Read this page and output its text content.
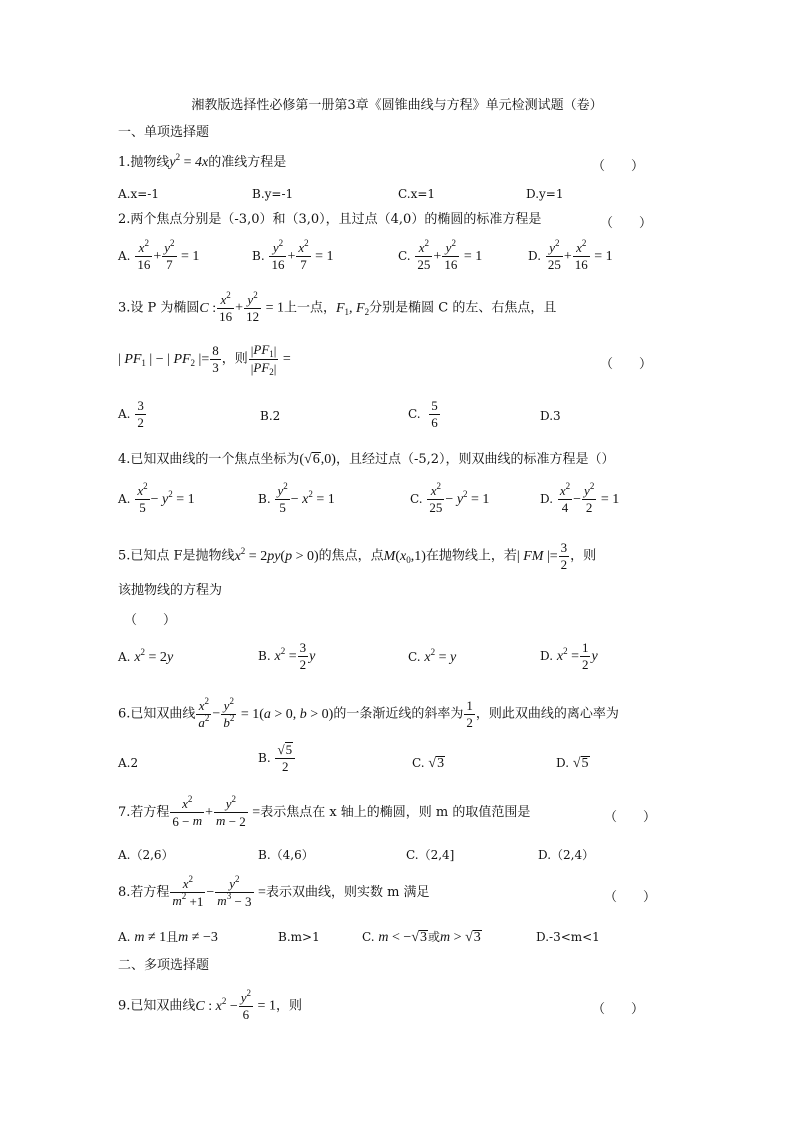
湘教版选择性必修第一册第3章《圆锥曲线与方程》单元检测试题（卷）
一、单项选择题
1.抛物线$y^2 = 4x$的准线方程是	（　　）
A.x=-1	B.y=-1	C.x=1	D.y=1
2.两个焦点分别是（-3,0）和（3,0），且过点（4,0）的椭圆的标准方程是	（　　）
A. $\frac{x^2}{16} + \frac{y^2}{7} = 1$	B. $\frac{y^2}{16} + \frac{x^2}{7} = 1$	C. $\frac{x^2}{25} + \frac{y^2}{16} = 1$	D. $\frac{y^2}{25} + \frac{x^2}{16} = 1$
3.设 P 为椭圆C : $\frac{x^2}{16} + \frac{y^2}{12} = 1$上一点，$F_1$, $F_2$分别是椭圆 C 的左、右焦点，且
| $PF_1$ | − | $PF_2$ |= $\frac{8}{3}$ ，则 $\frac{|PF_1|}{|PF_2|}$ =	（　　）
A. $\frac{3}{2}$	B.2	C. $\frac{5}{6}$	D.3
4.已知双曲线的一个焦点坐标为(√6,0)，且经过点（-5,2），则双曲线的标准方程是（）
A. $\frac{x^2}{5} - y^2 = 1$	B. $\frac{y^2}{5} - x^2 = 1$	C. $\frac{x^2}{25} - y^2 = 1$	D. $\frac{x^2}{4} - \frac{y^2}{2} = 1$
5.已知点 F是抛物线$x^2 = 2py(p > 0)$的焦点，点$M(x_0,1)$在抛物线上，若| FM |= $\frac{3}{2}$ ，则
该抛物线的方程为
（　　）
A. $x^2 = 2y$	B. $x^2 = \frac{3}{2}$ y	C. $x^2 = y$	D. $x^2 = \frac{1}{2}$ y
6.已知双曲线 $\frac{x^2}{a^2} - \frac{y^2}{b^2} = 1(a > 0$, b > 0)的一条渐近线的斜率为 $\frac{1}{2}$ ，则此双曲线的离心率为
A.2	B. $\frac{√5}{2}$	C. √3	D. √5
7.若方程 $\frac{x^2}{6 - m} + \frac{y^2}{m - 2}$ =表示焦点在 x 轴上的椭圆，则 m 的取值范围是	（　　）
A.（2,6）	B.（4,6）	C.（2,4]	D.（2,4）
8.若方程 $\frac{x^2}{m^2 +1} - \frac{y^2}{m^3 - 3}$ =表示双曲线，则实数 m 满足	（　　）
A. m ≠ 1且m ≠ −3	B.m>1	C. m < −√3或m > √3	D.-3<m<1
二、多项选择题
9.已知双曲线C : $x^2 - \frac{y^2}{6} = 1$，则	（　　）
